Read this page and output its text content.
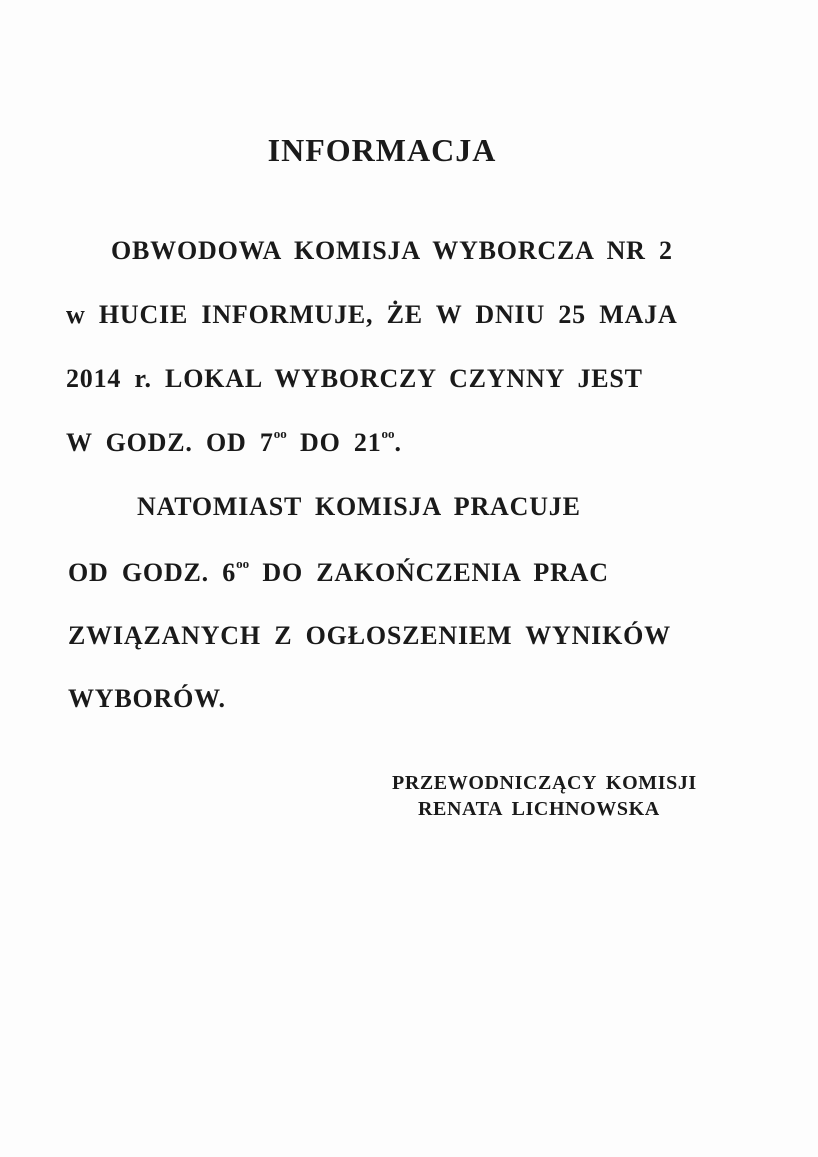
INFORMACJA
OBWODOWA KOMISJA WYBORCZA NR 2
w HUCIE INFORMUJE, ŻE W DNIU 25 MAJA
2014 r. LOKAL WYBORCZY CZYNNY JEST
W GODZ. OD $7^{oo}$ DO $21^{oo}$.
NATOMIAST KOMISJA PRACUJE
OD GODZ. $6^{oo}$ DO ZAKOŃCZENIA PRAC
ZWIĄZANYCH Z OGŁOSZENIEM WYNIKÓW
WYBORÓW.
PRZEWODNICZĄCY KOMISJI
RENATA LICHNOWSKA
